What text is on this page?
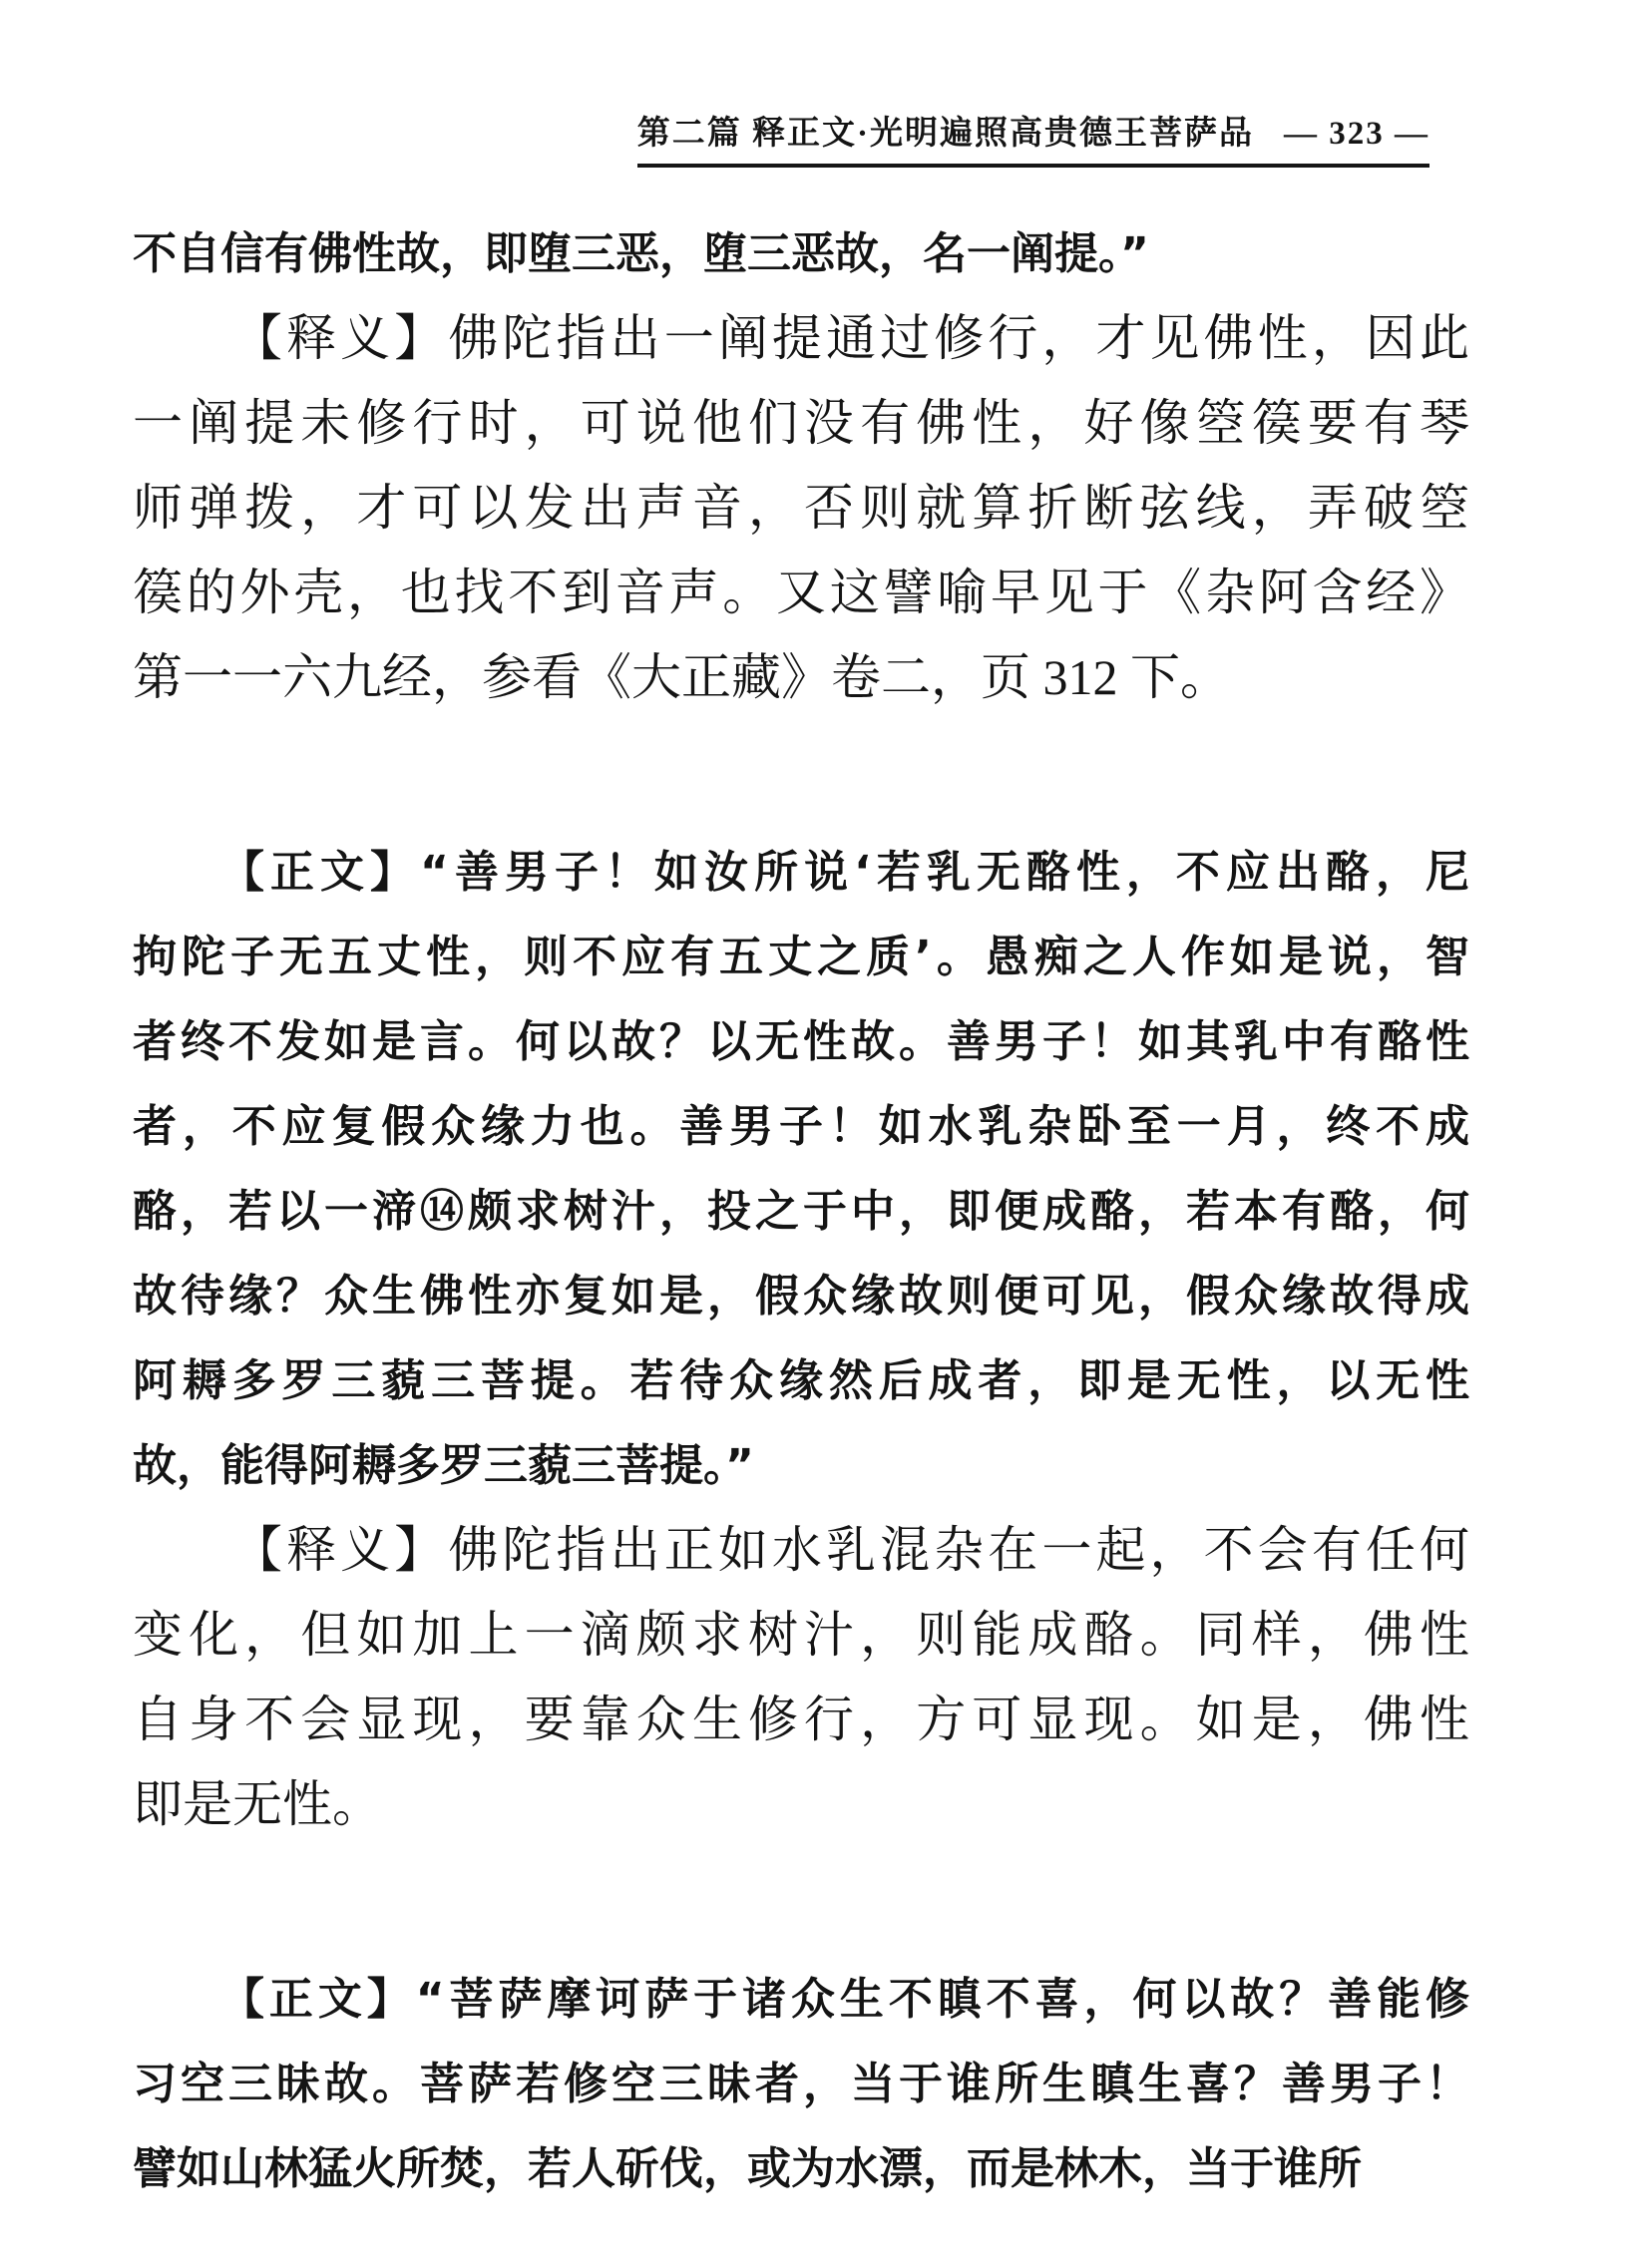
第二篇 释正文·光明遍照高贵德王菩萨品 — 323 —
不自信有佛性故，即堕三恶，堕三恶故，名一阐提。”
【释义】佛陀指出一阐提通过修行，才见佛性，因此
一阐提未修行时，可说他们没有佛性，好像箜篌要有琴
师弹拨，才可以发出声音，否则就算折断弦线，弄破箜
篌的外壳，也找不到音声。又这譬喻早见于《杂阿含经》
第一一六九经，参看《大正藏》卷二，页 312 下。
【正文】“善男子！如汝所说‘若乳无酪性，不应出酪，尼
拘陀子无五丈性，则不应有五丈之质’。愚痴之人作如是说，智
者终不发如是言。何以故？以无性故。善男子！如其乳中有酪性
者，不应复假众缘力也。善男子！如水乳杂卧至一月，终不成
酪，若以一渧⑭颇求树汁，投之于中，即便成酪，若本有酪，何
故待缘？众生佛性亦复如是，假众缘故则便可见，假众缘故得成
阿耨多罗三藐三菩提。若待众缘然后成者，即是无性，以无性
故，能得阿耨多罗三藐三菩提。”
【释义】佛陀指出正如水乳混杂在一起，不会有任何
变化，但如加上一滴颇求树汁，则能成酪。同样，佛性
自身不会显现，要靠众生修行，方可显现。如是，佛性
即是无性。
【正文】“菩萨摩诃萨于诸众生不瞋不喜，何以故？善能修
习空三昧故。菩萨若修空三昧者，当于谁所生瞋生喜？善男子！
譬如山林猛火所焚，若人斫伐，或为水漂，而是林木，当于谁所
